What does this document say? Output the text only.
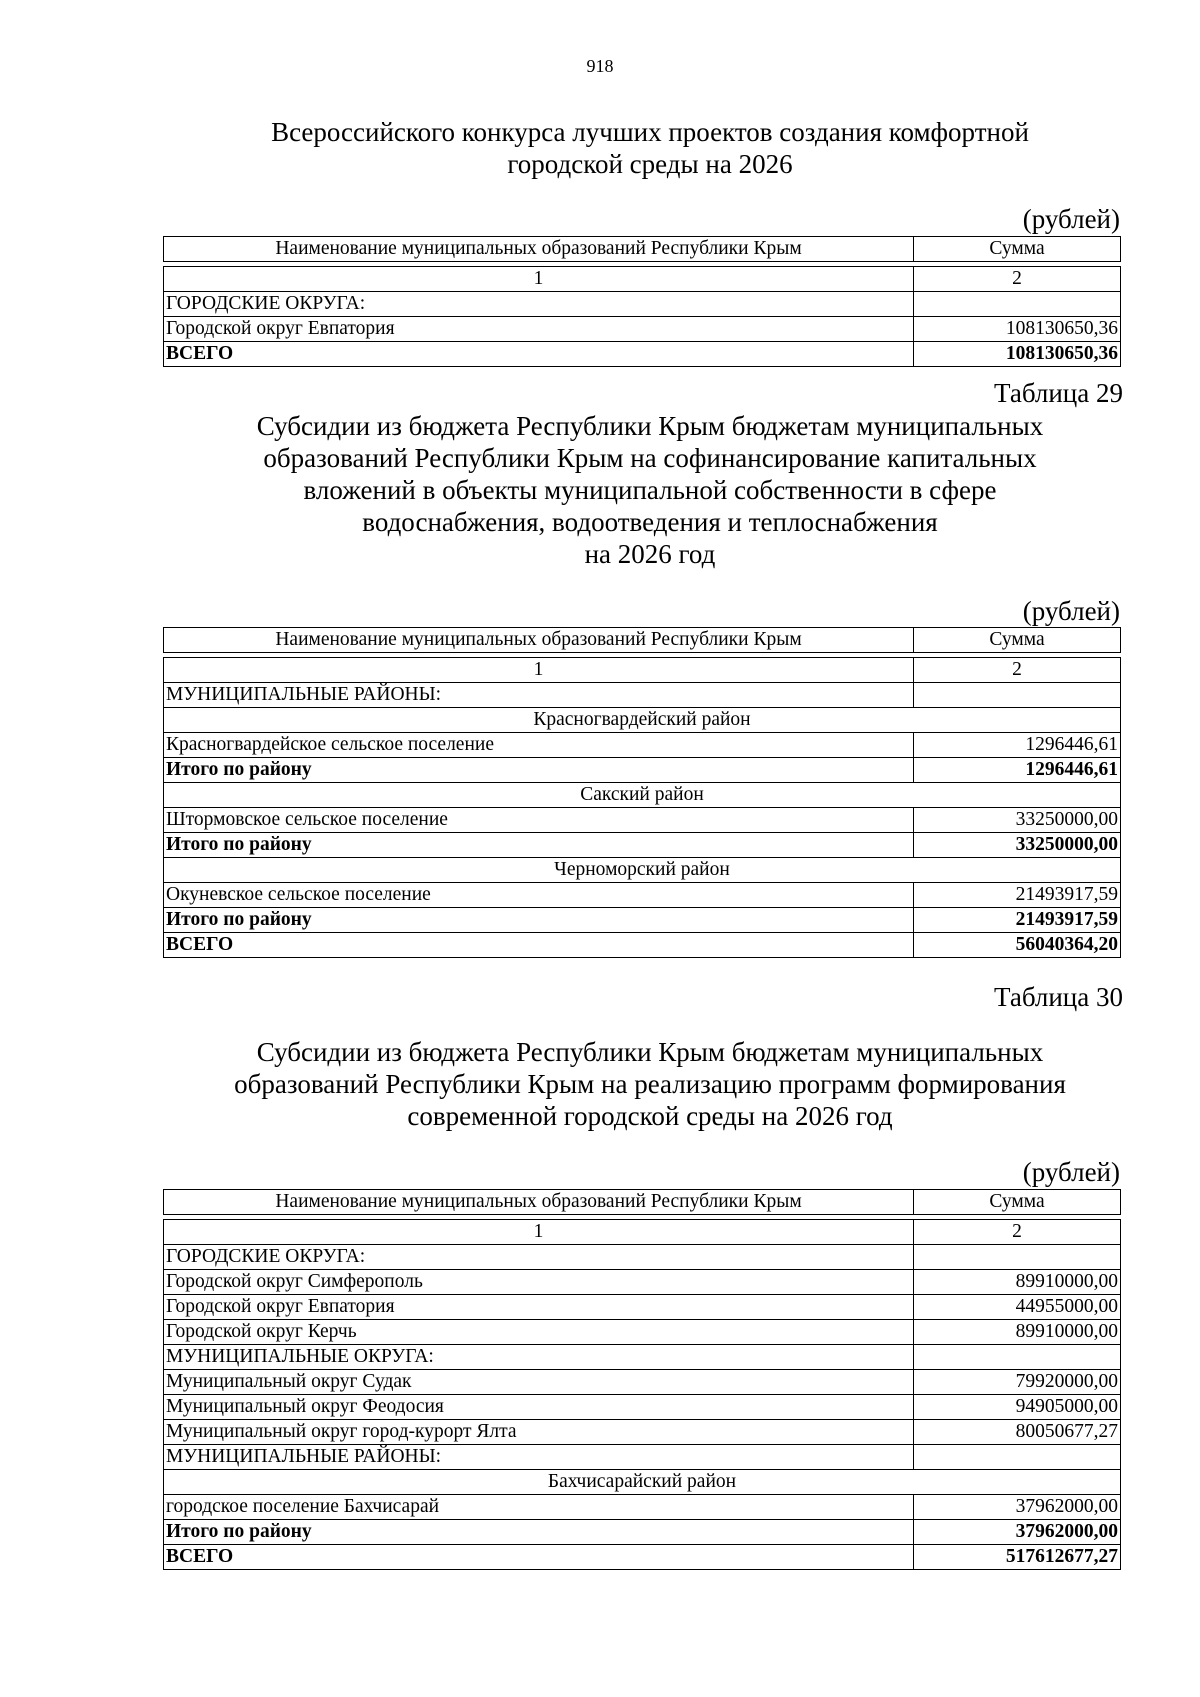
918
Всероссийского конкурса лучших проектов создания комфортной
городской среды на 2026
(рублей)
Наименование муниципальных образований Республики Крым	Сумма

1	2
ГОРОДСКИЕ ОКРУГА:	
Городской округ Евпатория	108130650,36
ВСЕГО	108130650,36
Таблица 29
Субсидии из бюджета Республики Крым бюджетам муниципальных
образований Республики Крым на софинансирование капитальных
вложений в объекты муниципальной собственности в сфере
водоснабжения, водоотведения и теплоснабжения
на 2026 год
(рублей)
Наименование муниципальных образований Республики Крым	Сумма

1	2
МУНИЦИПАЛЬНЫЕ РАЙОНЫ:	
Красногвардейский район	
Красногвардейское сельское поселение	1296446,61
Итого по району	1296446,61
Сакский район	
Штормовское сельское поселение	33250000,00
Итого по району	33250000,00
Черноморский район	
Окуневское сельское поселение	21493917,59
Итого по району	21493917,59
ВСЕГО	56040364,20
Таблица 30
Субсидии из бюджета Республики Крым бюджетам муниципальных
образований Республики Крым на реализацию программ формирования
современной городской среды на 2026 год
(рублей)
Наименование муниципальных образований Республики Крым	Сумма

1	2
ГОРОДСКИЕ ОКРУГА:	
Городской округ Симферополь	89910000,00
Городской округ Евпатория	44955000,00
Городской округ Керчь	89910000,00
МУНИЦИПАЛЬНЫЕ ОКРУГА:	
Муниципальный округ Судак	79920000,00
Муниципальный округ Феодосия	94905000,00
Муниципальный округ город-курорт Ялта	80050677,27
МУНИЦИПАЛЬНЫЕ РАЙОНЫ:	
Бахчисарайский район	
городское поселение Бахчисарай	37962000,00
Итого по району	37962000,00
ВСЕГО	517612677,27
